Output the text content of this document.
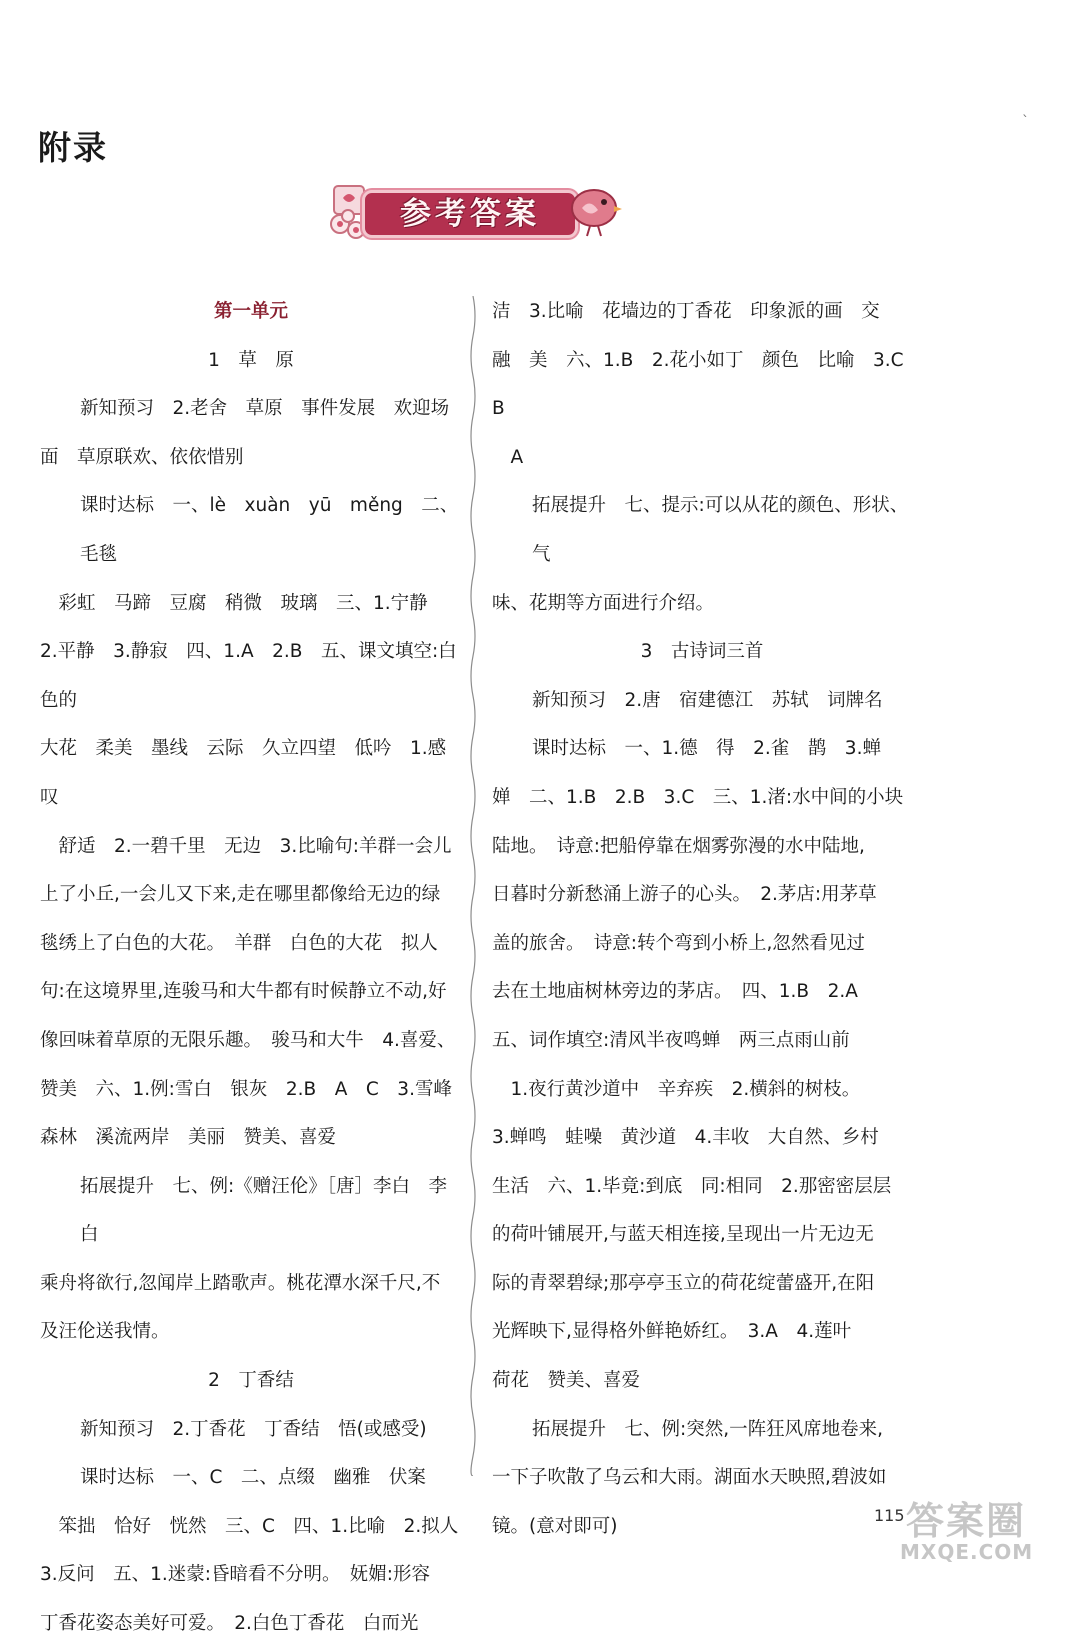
附录
`
参考答案

第一单元

1　草　原

新知预习　2.老舍　草原　事件发展　欢迎场

面　草原联欢、依依惜别

课时达标　一、lè　xuàn　yū　měng　二、毛毯

　彩虹　马蹄　豆腐　稍微　玻璃　三、1.宁静

2.平静　3.静寂　四、1.A　2.B　五、课文填空:白色的

大花　柔美　墨线　云际　久立四望　低吟　1.感叹

　舒适　2.一碧千里　无边　3.比喻句:羊群一会儿

上了小丘,一会儿又下来,走在哪里都像给无边的绿

毯绣上了白色的大花。　羊群　白色的大花　拟人

句:在这境界里,连骏马和大牛都有时候静立不动,好

像回味着草原的无限乐趣。　骏马和大牛　4.喜爱、

赞美　六、1.例:雪白　银灰　2.B　A　C　3.雪峰

森林　溪流两岸　美丽　赞美、喜爱

拓展提升　七、例:《赠汪伦》［唐］李白　李白

乘舟将欲行,忽闻岸上踏歌声。桃花潭水深千尺,不

及汪伦送我情。

2　丁香结

新知预习　2.丁香花　丁香结　悟(或感受)

课时达标　一、C　二、点缀　幽雅　伏案

　笨拙　恰好　恍然　三、C　四、1.比喻　2.拟人

3.反问　五、1.迷蒙:昏暗看不分明。　妩媚:形容

丁香花姿态美好可爱。　2.白色丁香花　白而光

洁　3.比喻　花墙边的丁香花　印象派的画　交

融　美　六、1.B　2.花小如丁　颜色　比喻　3.C　B

　A

拓展提升　七、提示:可以从花的颜色、形状、气

味、花期等方面进行介绍。

3　古诗词三首

新知预习　2.唐　宿建德江　苏轼　词牌名

课时达标　一、1.德　得　2.雀　鹊　3.蝉

婵　二、1.B　2.B　3.C　三、1.渚:水中间的小块

陆地。　诗意:把船停靠在烟雾弥漫的水中陆地,

日暮时分新愁涌上游子的心头。　2.茅店:用茅草

盖的旅舍。　诗意:转个弯到小桥上,忽然看见过

去在土地庙树林旁边的茅店。　四、1.B　2.A

五、词作填空:清风半夜鸣蝉　两三点雨山前

　1.夜行黄沙道中　辛弃疾　2.横斜的树枝。

3.蝉鸣　蛙噪　黄沙道　4.丰收　大自然、乡村

生活　六、1.毕竟:到底　同:相同　2.那密密层层

的荷叶铺展开,与蓝天相连接,呈现出一片无边无

际的青翠碧绿;那亭亭玉立的荷花绽蕾盛开,在阳

光辉映下,显得格外鲜艳娇红。　3.A　4.莲叶

荷花　赞美、喜爱

拓展提升　七、例:突然,一阵狂风席地卷来,

一下子吹散了乌云和大雨。湖面水天映照,碧波如

镜。(意对即可)

115 答案圈
MXQE.COM
